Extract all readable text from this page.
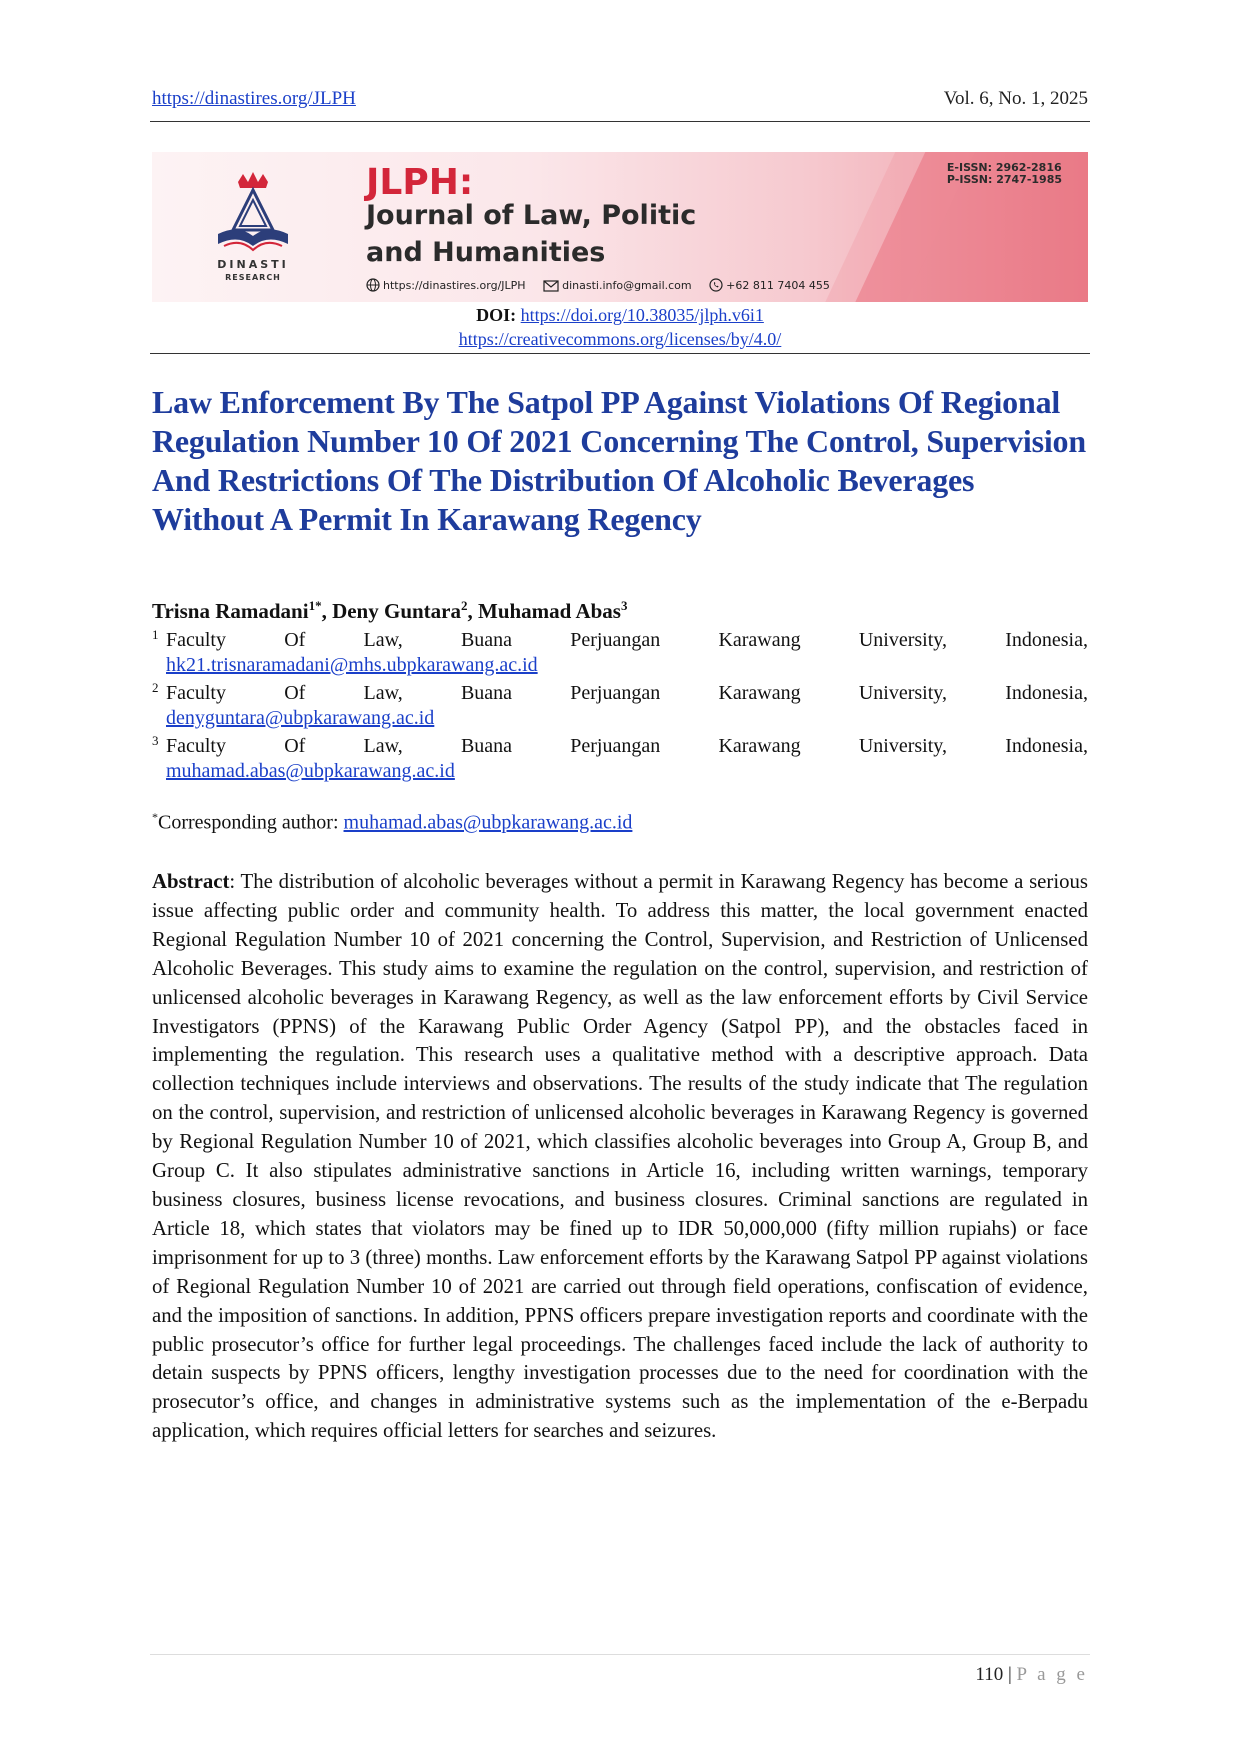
https://dinastires.org/JLPH	Vol. 6, No. 1, 2025
DINASTI
RESEARCH
JLPH:
Journal of Law, Politic
and Humanities
https://dinastires.org/JLPH	dinasti.info@gmail.com	+62 811 7404 455
E-ISSN: 2962-2816
P-ISSN: 2747-1985
DOI: https://doi.org/10.38035/jlph.v6i1
https://creativecommons.org/licenses/by/4.0/
Law Enforcement By The Satpol PP Against Violations Of Regional Regulation Number 10 Of 2021 Concerning The Control, Supervision And Restrictions Of The Distribution Of Alcoholic Beverages Without A Permit In Karawang Regency
Trisna Ramadani$^{1*}$, Deny Guntara$^2$, Muhamad Abas$^3$
1 Faculty	Of	Law,	Buana	Perjuangan	Karawang	University,	Indonesia,
hk21.trisnaramadani@mhs.ubpkarawang.ac.id
2 Faculty	Of	Law,	Buana	Perjuangan	Karawang	University,	Indonesia,
denyguntara@ubpkarawang.ac.id
3 Faculty	Of	Law,	Buana	Perjuangan	Karawang	University,	Indonesia,
muhamad.abas@ubpkarawang.ac.id
*Corresponding author: muhamad.abas@ubpkarawang.ac.id
Abstract: The distribution of alcoholic beverages without a permit in Karawang Regency has become a serious issue affecting public order and community health. To address this matter, the local government enacted Regional Regulation Number 10 of 2021 concerning the Control, Supervision, and Restriction of Unlicensed Alcoholic Beverages. This study aims to examine the regulation on the control, supervision, and restriction of unlicensed alcoholic beverages in Karawang Regency, as well as the law enforcement efforts by Civil Service Investigators (PPNS) of the Karawang Public Order Agency (Satpol PP), and the obstacles faced in implementing the regulation. This research uses a qualitative method with a descriptive approach. Data collection techniques include interviews and observations. The results of the study indicate that The regulation on the control, supervision, and restriction of unlicensed alcoholic beverages in Karawang Regency is governed by Regional Regulation Number 10 of 2021, which classifies alcoholic beverages into Group A, Group B, and Group C. It also stipulates administrative sanctions in Article 16, including written warnings, temporary business closures, business license revocations, and business closures. Criminal sanctions are regulated in Article 18, which states that violators may be fined up to IDR 50,000,000 (fifty million rupiahs) or face imprisonment for up to 3 (three) months. Law enforcement efforts by the Karawang Satpol PP against violations of Regional Regulation Number 10 of 2021 are carried out through field operations, confiscation of evidence, and the imposition of sanctions. In addition, PPNS officers prepare investigation reports and coordinate with the public prosecutor’s office for further legal proceedings. The challenges faced include the lack of authority to detain suspects by PPNS officers, lengthy investigation processes due to the need for coordination with the prosecutor’s office, and changes in administrative systems such as the implementation of the e-Berpadu application, which requires official letters for searches and seizures.
110 | P a g e
